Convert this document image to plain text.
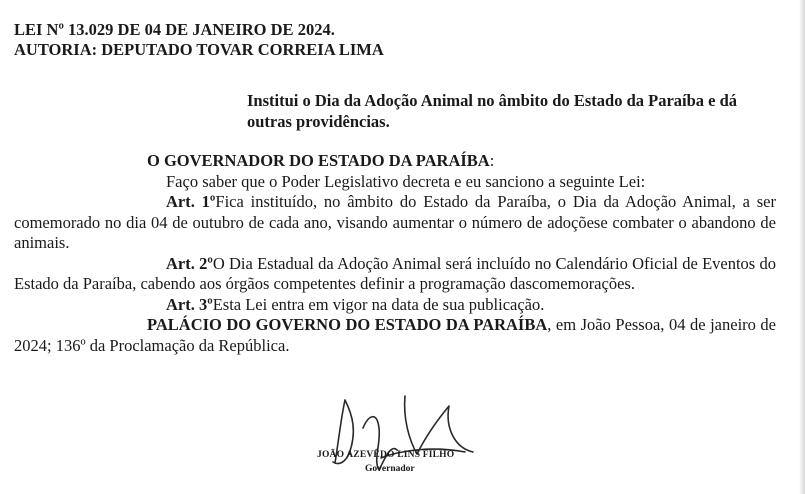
LEI Nº 13.029 DE 04 DE JANEIRO DE 2024.
AUTORIA: DEPUTADO TOVAR CORREIA LIMA
Institui o Dia da Adoção Animal no âmbito do Estado da Paraíba e dá outras providências.

O GOVERNADOR DO ESTADO DA PARAÍBA:

Faço saber que o Poder Legislativo decreta e eu sanciono a seguinte Lei:

Art. 1ºFica instituído, no âmbito do Estado da Paraíba, o Dia da Adoção Animal, a ser comemorado no dia 04 de outubro de cada ano, visando aumentar o número de adoçõese combater o abandono de animais.

Art. 2ºO Dia Estadual da Adoção Animal será incluído no Calendário Oficial de Eventos do Estado da Paraíba, cabendo aos órgãos competentes definir a programação dascomemorações.

Art. 3ºEsta Lei entra em vigor na data de sua publicação.

PALÁCIO DO GOVERNO DO ESTADO DA PARAÍBA, em João Pessoa, 04 de janeiro de 2024; 136º da Proclamação da República.

JOÃO AZEVÊDO LINS FILHO
Governador
